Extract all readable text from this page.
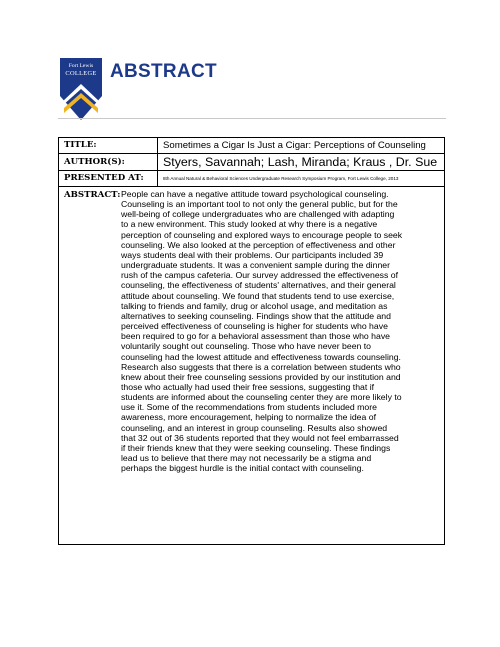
Fort Lewis
COLLEGE ABSTRACT
TITLE:	Sometimes a Cigar Is Just a Cigar: Perceptions of Counseling
AUTHOR(S):	Styers, Savannah; Lash, Miranda; Kraus , Dr. Sue
PRESENTED AT:	8th Annual Natural & Behavioral Sciences Undergraduate Research Symposium Program, Fort Lewis College, 2013
ABSTRACT: People can have a negative attitude toward psychological counseling.
Counseling is an important tool to not only the general public, but for the
well-being of college undergraduates who are challenged with adapting
to a new environment. This study looked at why there is a negative
perception of counseling and explored ways to encourage people to seek
counseling. We also looked at the perception of effectiveness and other
ways students deal with their problems. Our participants included 39
undergraduate students. It was a convenient sample during the dinner
rush of the campus cafeteria. Our survey addressed the effectiveness of
counseling, the effectiveness of students' alternatives, and their general
attitude about counseling. We found that students tend to use exercise,
talking to friends and family, drug or alcohol usage, and meditation as
alternatives to seeking counseling. Findings show that the attitude and
perceived effectiveness of counseling is higher for students who have
been required to go for a behavioral assessment than those who have
voluntarily sought out counseling. Those who have never been to
counseling had the lowest attitude and effectiveness towards counseling.
Research also suggests that there is a correlation between students who
knew about their free counseling sessions provided by our institution and
those who actually had used their free sessions, suggesting that if
students are informed about the counseling center they are more likely to
use it. Some of the recommendations from students included more
awareness, more encouragement, helping to normalize the idea of
counseling, and an interest in group counseling. Results also showed
that 32 out of 36 students reported that they would not feel embarrassed
if their friends knew that they were seeking counseling. These findings
lead us to believe that there may not necessarily be a stigma and
perhaps the biggest hurdle is the initial contact with counseling.
